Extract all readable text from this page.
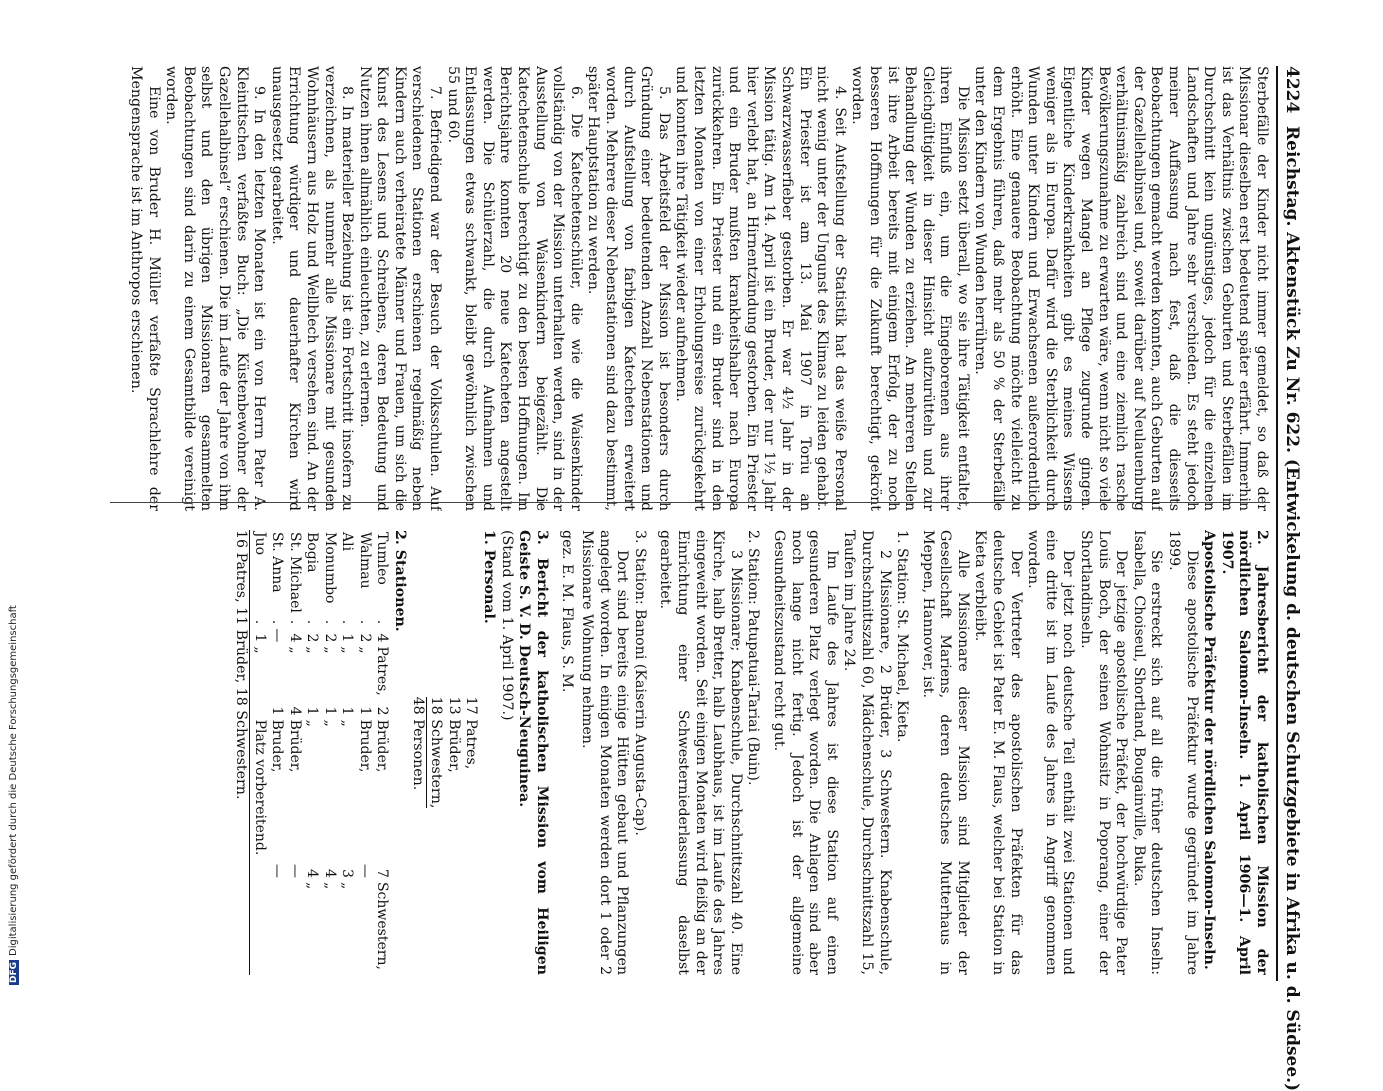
4224
Reichstag. Aktenstück Zu Nr. 622. (Entwickelung d. deutschen Schutzgebiete in Afrika u. d. Südsee.)

Sterbefälle der Kinder nicht immer gemeldet, so daß der Missionar dieselben erst bedeutend später erfährt. Immerhin ist das Verhältnis zwischen Geburten und Sterbefällen im Durchschnitt kein ungünstiges, jedoch für die einzelnen Landschaften und Jahre sehr verschieden. Es steht jedoch meiner Auffassung nach fest, daß die diesseits Beobachtungen gemacht werden konnten, auch Geburten auf der Gazellehalbinsel und, soweit darüber auf Neulauenburg verhältnismäßig zahlreich sind und eine ziemlich rasche Bevölkerungszunahme zu erwarten wäre, wenn nicht so viele Kinder wegen Mangel an Pflege zugrunde gingen. Eigentliche Kinderkrankheiten gibt es meines Wissens weniger als in Europa. Dafür wird die Sterblichkeit durch Wunden unter Kindern und Erwachsenen außerordentlich erhöht. Eine genauere Beobachtung möchte vielleicht zu dem Ergebnis führen, daß mehr als 50 % der Sterbefälle unter den Kindern von Wunden herrühren.

Die Mission setzt überall, wo sie ihre Tätigkeit entfaltet, ihren Einfluß ein, um die Eingeborenen aus ihrer Gleichgültigkeit in dieser Hinsicht aufzurütteln und zur Behandlung der Wunden zu erziehen. An mehreren Stellen ist ihre Arbeit bereits mit einigem Erfolg, der zu noch besseren Hoffnungen für die Zukunft berechtigt, gekrönt worden.

4. Seit Aufstellung der Statistik hat das weiße Personal nicht wenig unter der Ungunst des Klimas zu leiden gehabt. Ein Priester ist am 13. Mai 1907 in Toriu an Schwarzwasserfieber gestorben. Er war 4½ Jahr in der Mission tätig. Am 14. April ist ein Bruder, der nur 1½ Jahr hier verlebt hat, an Hirnentzündung gestorben. Ein Priester und ein Bruder mußten krankheitshalber nach Europa zurückkehren. Ein Priester und ein Bruder sind in den letzten Monaten von einer Erholungsreise zurückgekehrt und konnten ihre Tätigkeit wieder aufnehmen.

5. Das Arbeitsfeld der Mission ist besonders durch Gründung einer bedeutenden Anzahl Nebenstationen und durch Aufstellung von farbigen Katecheten erweitert worden. Mehrere dieser Nebenstationen sind dazu bestimmt, später Hauptstation zu werden.

6. Die Katechetenschüler, die wie die Waisenkinder vollständig von der Mission unterhalten werden, sind in der Ausstellung von Waisenkindern beigezählt. Die Katechetenschule berechtigt zu den besten Hoffnungen. Im Berichtsjahre konnten 20 neue Katecheten angestellt werden. Die Schülerzahl, die durch Aufnahmen und Entlassungen etwas schwankt, bleibt gewöhnlich zwischen 55 und 60.

7. Befriedigend war der Besuch der Volksschulen. Auf verschiedenen Stationen erschienen regelmäßig neben Kindern auch verheiratete Männer und Frauen, um sich die Kunst des Lesens und Schreibens, deren Bedeutung und Nutzen ihnen allmählich einleuchten, zu erlernen.

8. In materieller Beziehung ist ein Fortschritt insofern zu verzeichnen, als nunmehr alle Missionare mit gesunden Wohnhäusern aus Holz und Wellblech versehen sind. An der Errichtung würdiger und dauerhafter Kirchen wird unausgesetzt gearbeitet.

9. In den letzten Monaten ist ein von Herrn Pater A. Kleintitschen verfaßtes Buch: „Die Küstenbewohner der Gazellehalbinsel“ erschienen. Die im Laufe der Jahre von ihm selbst und den übrigen Missionaren gesammelten Beobachtungen sind darin zu einem Gesamtbilde vereinigt worden.

Eine von Bruder H. Müller verfaßte Sprachlehre der Mengensprache ist im Anthropos erschienen.

2. Jahresbericht der katholischen Mission der nördlichen Salomon-Inseln. 1. April 1906—1. April 1907.

Apostolische Präfektur der nördlichen Salomon-Inseln.

Diese apostolische Präfektur wurde gegründet im Jahre 1899.

Sie erstreckt sich auf all die früher deutschen Inseln: Isabella, Choiseul, Shortland, Bougainville, Buka.

Der jetzige apostolische Präfekt, der hochwürdige Pater Louis Boch, der seinen Wohnsitz in Poporang, einer der Shortlandinseln.

Der jetzt noch deutsche Teil enthält zwei Stationen und eine dritte ist im Laufe des Jahres in Angriff genommen worden.

Der Vertreter des apostolischen Präfekten für das deutsche Gebiet ist Pater E. M. Flaus, welcher bei Station in Kieta verbleibt.

Alle Missionare dieser Mission sind Mitglieder der Gesellschaft Mariens, deren deutsches Mutterhaus in Meppen, Hannover, ist.

1. Station: St. Michael, Kieta.

2 Missionare, 2 Brüder, 3 Schwestern. Knabenschule, Durchschnittszahl 60, Mädchenschule, Durchschnittszahl 15, Taufen im Jahre 24.

Im Laufe des Jahres ist diese Station auf einen gesunderen Platz verlegt worden. Die Anlagen sind aber noch lange nicht fertig. Jedoch ist der allgemeine Gesundheitszustand recht gut.

2. Station: Patupatuai-Tariai (Buin).

3 Missionare; Knabenschule, Durchschnittszahl 40. Eine Kirche, halb Bretter, halb Laubhaus, ist im Laufe des Jahres eingeweiht worden. Seit einigen Monaten wird fleißig an der Einrichtung einer Schwesterniederlassung daselbst gearbeitet.

3. Station: Banoni (Kaiserin Augusta-Cap).

Dort sind bereits einige Hütten gebaut und Pflanzungen angelegt worden. In einigen Monaten werden dort 1 oder 2 Missionare Wohnung nehmen.

gez. E. M. Flaus, S. M.

3. Bericht der katholischen Mission vom Heiligen Geiste S. V. D. Deutsch-Neuguinea.

(Stand vom 1. April 1907.)

1. Personal.

17 Patres,
13 Brüder,
18 Schwestern,
48 Personen.

2. Stationen.

Tumleo	.	4	Patres,	2	Brüder,	7	Schwestern,
Walmau	.	2	„	1	Bruder,	—	
Ali	.	1	„	1	„	3	„
Monumbo	.	2	„	1	„	4	„
Bogia	.	2	„	1	„	4	„
St. Michael	.	4	„	4	Brüder,	—	
St. Anna	.	—		1	Bruder,	—	
Juo	.	1	„		Platz vorbereitend.		

16 Patres, 11 Brüder, 18 Schwestern.

DFGDigitalisierung gefördert durch die Deutsche Forschungsgemeinschaft
